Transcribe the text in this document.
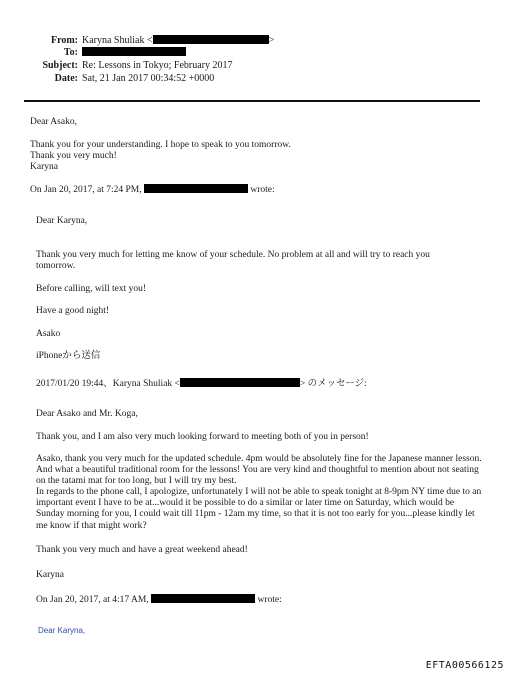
From: Karyna Shuliak <	>
To:
Subject: Re: Lessons in Tokyo; February 2017
Date: Sat, 21 Jan 2017 00:34:52 +0000
Dear Asako,
Thank you for your understanding. I hope to speak to you tomorrow.
Thank you very much!
Karyna
On Jan 20, 2017, at 7:24 PM,	wrote:
Dear Karyna,
Thank you very much for letting me know of your schedule. No problem at all and will try to reach you tomorrow.
Before calling, will text you!
Have a good night!
Asako
iPhoneから送信
2017/01/20 19:44、Karyna Shuliak <	> のメッセージ:
Dear Asako and Mr. Koga,
Thank you, and I am also very much looking forward to meeting both of you in person!
Asako, thank you very much for the updated schedule. 4pm would be absolutely fine for the Japanese manner lesson. And what a beautiful traditional room for the lessons! You are very kind and thoughtful to mention about not seating on the tatami mat for too long, but I will try my best.
In regards to the phone call, I apologize, unfortunately I will not be able to speak tonight at 8-9pm NY time due to an important event I have to be at...would it be possible to do a similar or later time on Saturday, which would be Sunday morning for you, I could wait till 11pm - 12am my time, so that it is not too early for you...please kindly let me know if that might work?
Thank you very much and have a great weekend ahead!
Karyna
On Jan 20, 2017, at 4:17 AM,	wrote:
Dear Karyna,
EFTA00566125
